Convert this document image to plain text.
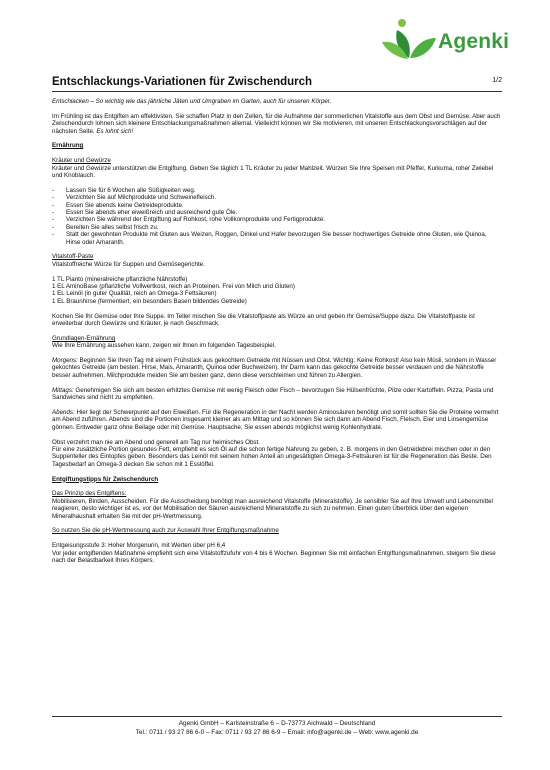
Agenki
Entschlackungs-Variationen für Zwischendurch	1/2

Entschlacken – So wichtig wie das jährliche Jäten und Umgraben im Garten, auch für unseren Körper.

Im Frühling ist das Entgiften am effektivsten. Sie schaffen Platz in den Zellen, für die Aufnahme der sommerlichen Vitalstoffe aus dem Obst und Gemüse. Aber auch Zwischendurch lohnen sich kleinere Entschlackungsmaßnahmen allemal. Vielleicht können wir Sie motivieren, mit unseren Entschlackungsvorschlägen auf der nächsten Seite. Es lohnt sich!

Ernährung

Kräuter und Gewürze

Kräuter und Gewürze unterstützen die Entgiftung. Geben Sie täglich 1 TL Kräuter zu jeder Mahlzeit. Würzen Sie Ihre Speisen mit Pfeffer, Kurkuma, roher Zwiebel und Knoblauch.

- Lassen Sie für 6 Wochen alle Süßigkeiten weg.
- Verzichten Sie auf Milchprodukte und Schweinefleisch.
- Essen Sie abends keine Getreideprodukte.
- Essen Sie abends eher eiweißreich und ausreichend gute Öle.
- Verzichten Sie während der Entgiftung auf Rohkost, rohe Vollkornprodukte und Fertigprodukte.
- Bereiten Sie alles selbst frisch zu.
- Statt der gewohnten Produkte mit Gluten aus Weizen, Roggen, Dinkel und Hafer bevorzugen Sie besser hochwertiges Getreide ohne Gluten, wie Quinoa, Hirse oder Amaranth.

Vitalstoff-Paste

Vitalstoffreiche Würze für Suppen und Gemüsegerichte.

1 TL Pianto (mineralreiche pflanzliche Nährstoffe)

1 EL AminoBase (pflanzliche Vollwertkost, reich an Proteinen. Frei von Milch und Gluten)

1 EL Leinöl (in guter Qualität, reich an Omega-3 Fettsäuren)

1 EL Braunhirse (fermentiert, ein besonders Basen bildendes Getreide)

Kochen Sie Ihr Gemüse oder Ihre Suppe. Im Teller mischen Sie die Vitalstoffpaste als Würze an und geben Ihr Gemüse/Suppe dazu. Die Vitalstoffpaste ist erweiterbar durch Gewürze und Kräuter, je nach Geschmack.

Grundlagen-Ernährung

Wie Ihre Ernährung aussehen kann, zeigen wir Ihnen im folgenden Tagesbeispiel.

Morgens: Beginnen Sie Ihren Tag mit einem Frühstück aus gekochtem Getreide mit Nüssen und Obst. Wichtig: Keine Rohkost! Also kein Müsli, sondern in Wasser gekochtes Getreide (am besten: Hirse, Mais, Amaranth, Quinoa oder Buchweizen). Ihr Darm kann das gekochte Getreide besser verdauen und die Nährstoffe besser aufnehmen. Milchprodukte meiden Sie am besten ganz, denn diese verschleimen und führen zu Allergien.

Mittags: Genehmigen Sie sich am besten erhitztes Gemüse mit wenig Fleisch oder Fisch – bevorzugen Sie Hülsenfrüchte, Pilze oder Kartoffeln. Pizza, Pasta und Sandwiches sind nicht zu empfehlen.

Abends: Hier liegt der Schwerpunkt auf den Eiweißen. Für die Regeneration in der Nacht werden Aminosäuren benötigt und somit sollten Sie die Proteine vermehrt am Abend zuführen. Abends sind die Portionen insgesamt kleiner als am Mittag und so können Sie sich dann am Abend Fisch, Fleisch, Eier und Linsengemüse gönnen. Entweder ganz ohne Beilage oder mit Gemüse. Hauptsache, Sie essen abends möglichst wenig Kohlenhydrate.

Obst verzehrt man nie am Abend und generell am Tag nur heimisches Obst.

Für eine zusätzliche Portion gesundes Fett, empfiehlt es sich Öl auf die schon fertige Nahrung zu geben, z. B. morgens in den Getreidebrei mischen oder in den Suppenteller des Eintopfes geben. Besonders das Leinöl mit seinem hohen Anteil an ungesättigten Omega-3-Fettsäuren ist für die Regeneration das Beste. Den Tagesbedarf an Omega-3 decken Sie schon mit 1 Esslöffel.

Entgiftungstipps für Zwischendurch

Das Prinzip des Entgiftens:

Mobilisieren, Binden, Ausscheiden. Für die Ausscheidung benötigt man ausreichend Vitalstoffe (Mineralstoffe). Je sensibler Sie auf Ihre Umwelt und Lebensmittel reagieren, desto wichtiger ist es, vor der Mobilisation der Säuren ausreichend Mineralstoffe zu sich zu nehmen. Einen guten Überblick über den eigenen Mineralhaushalt erhalten Sie mit der pH-Wertmessung.

So nutzen Sie die pH-Wertmessung auch zur Auswahl Ihrer Entgiftungsmaßnahme

Entgeisungsstufe 3: Hoher Morgenurin, mit Werten über pH 6,4

Vor jeder entgiftenden Maßnahme empfiehlt sich eine Vitalstoffzufuhr von 4 bis 6 Wochen. Beginnen Sie mit einfachen Entgiftungsmaßnahmen, steigern Sie diese nach der Belastbarkeit Ihres Körpers.

Agenki GmbH – Karlsteinstraße 6 – D-73773 Aichwald – Deutschland
Tel.: 0711 / 93 27 86 6-0 – Fax: 0711 / 93 27 86 6-9 – Email: info@agenki.de – Web: www.agenki.de
